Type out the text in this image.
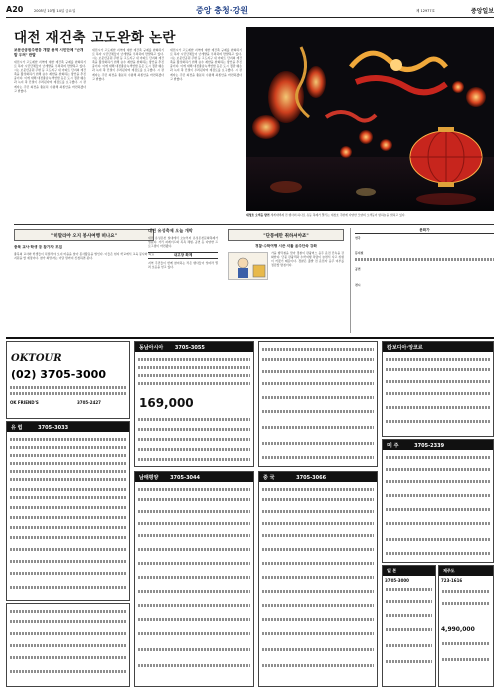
A20	2005년 10월 14일 금요일	중앙 충청·강원	제 12977호	중앙일보
대전 재건축 고도완화 논란
보문산공원주변등 개발 용역 시민단체 "난개발 우려" 반발
대전시가 고도제한 지역에 대한 재건축 규제를 완화하기로 하자 시민단체들이 난개발을 우려하며 반발하고 있다. 시는 보문산공원 주변 등 고도지구 내 아파트 단지의 재건축을 활성화하기 위해 층수 제한을 완화하는 방안을 추진 중이다. 이에 대해 대전충남녹색연합 등은 도시 경관 훼손과 녹지 축 단절이 우려된다며 재검토를 요구했다. 시 관계자는 주민 의견을 충분히 수렴해 최종안을 마련하겠다고 밝혔다.
대전시가 고도제한 지역에 대한 재건축 규제를 완화하기로 하자 시민단체들이 난개발을 우려하며 반발하고 있다. 시는 보문산공원 주변 등 고도지구 내 아파트 단지의 재건축을 활성화하기 위해 층수 제한을 완화하는 방안을 추진 중이다. 이에 대해 대전충남녹색연합 등은 도시 경관 훼손과 녹지 축 단절이 우려된다며 재검토를 요구했다. 시 관계자는 주민 의견을 충분히 수렴해 최종안을 마련하겠다고 밝혔다.
대전시가 고도제한 지역에 대한 재건축 규제를 완화하기로 하자 시민단체들이 난개발을 우려하며 반발하고 있다. 시는 보문산공원 주변 등 고도지구 내 아파트 단지의 재건축을 활성화하기 위해 층수 제한을 완화하는 방안을 추진 중이다. 이에 대해 대전충남녹색연합 등은 도시 경관 훼손과 녹지 축 단절이 우려된다며 재검토를 요구했다. 시 관계자는 주민 의견을 충분히 수렴해 최종안을 마련하겠다고 밝혔다.
대청호 오색등 향연 세계대백제 전 행사의 하나로 유등 축제가 열리는 대청호 주변에 다양한 모양의 오색등이 밤하늘을 밝히고 있다.
"히말라야 오지 봉사여행 떠나요"
충북 교사·학생 등 참가자 모집
충북의 교사와 학생들이 히말라야 오지 마을을 찾아 봉사활동을 벌인다. 이들은 현지 학교에서 교육 봉사와 의료 지원을 할 예정이다. 참가 희망자는 이달 말까지 신청하면 된다.
대전 유성축제 오늘 개막
대전 유성온천 일대에서 오늘부터 유성온천문화축제가 열린다. 거리 퍼레이드와 족욕 체험, 공연 등 다양한 프로그램이 마련됐다.
내고장 화제
지역 주민들이 함께 참여하는 작은 행사들이 잇따라 열려 호응을 얻고 있다.
"단풍에만 취하셔야죠"
경찰·수학여행 시즌 셔틀 음주단속 강화
가을 행락철을 맞아 경찰이 관광버스 음주 운전 단속을 강화한다. 단풍 관광객과 수학여행 차량이 늘면서 사고 위험이 커졌기 때문이다. 경찰은 출발 전 운전자 음주 여부를 점검할 방침이다.
문화가
연극
뮤지컬
공연
전시
OKTOUR
(02) 3705-3000
OK FRIEND'S	3705-2427
유 럽	3705-3033
동남아시아 3705-3055
169,000
남태평양 3705-3044	중 국	3705-3066
캄보디아·앙코르
미 주	3705-2339
일 본
3705-3000
제주도
723-1616
4,990,000
